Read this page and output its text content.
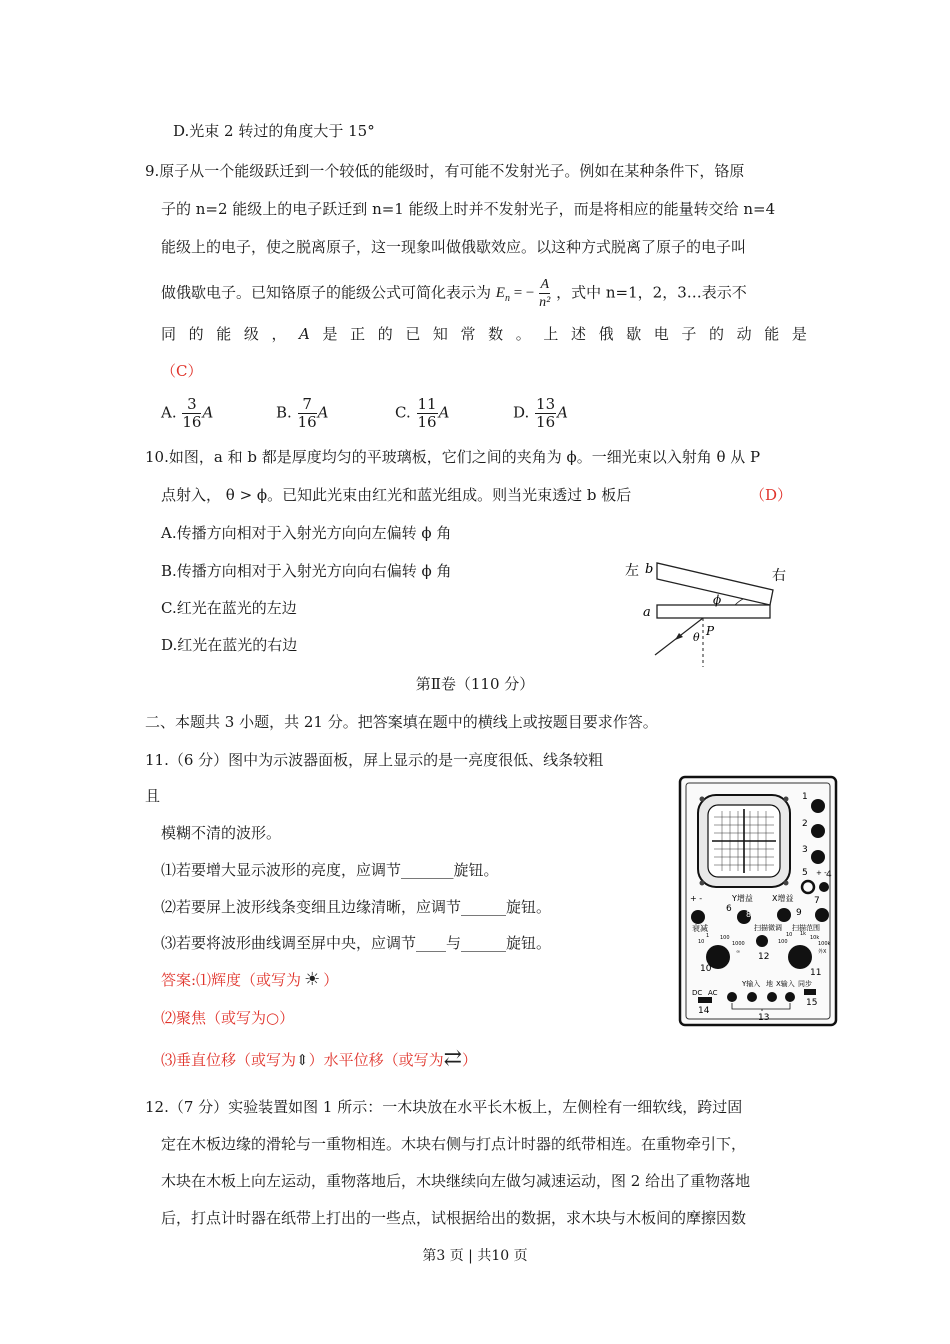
D.光束 2 转过的角度大于 15°
9.原子从一个能级跃迁到一个较低的能级时，有可能不发射光子。例如在某种条件下，铬原
子的 n=2 能级上的电子跃迁到 n=1 能级上时并不发射光子，而是将相应的能量转交给 n=4
能级上的电子，使之脱离原子，这一现象叫做俄歇效应。以这种方式脱离了原子的电子叫
做俄歇电子。已知铬原子的能级公式可简化表示为 $E_n$ = − $\frac{A}{\text{n²}}$ ，式中 n=1，2，3…表示不
同 的 能 级 ， A 是 正 的 已 知 常 数 。 上 述 俄 歇 电 子 的 动 能 是
（C）
A. $\frac{3}{16}$ A	B. $\frac{7}{16}$ A	C. $\frac{11}{16}$ A	D. $\frac{13}{16}$ A
10.如图，a 和 b 都是厚度均匀的平玻璃板，它们之间的夹角为 ϕ。一细光束以入射角 θ 从 P
点射入， θ > ϕ。已知此光束由红光和蓝光组成。则当光束透过 b 板后	（D）
A.传播方向相对于入射光方向向左偏转 ϕ 角
B.传播方向相对于入射光方向向右偏转 ϕ 角
C.红光在蓝光的左边
D.红光在蓝光的右边
左 b	右
a
ϕ
θ P
第Ⅱ卷（110 分）
二、本题共 3 小题，共 21 分。把答案填在题中的横线上或按题目要求作答。
11.（6 分）图中为示波器面板，屏上显示的是一亮度很低、线条较粗
且
模糊不清的波形。
⑴若要增大显示波形的亮度，应调节_______旋钮。
⑵若要屏上波形线条变细且边缘清晰，应调节______旋钮。
⑶若要将波形曲线调至屏中央，应调节____与______旋钮。
答案:⑴辉度（或写为 ☀ ）
⑵聚焦（或写为○）
⑶垂直位移（或写为⇕）水平位移（或写为⇄）
1
2
3
5 + - 4
+ -
6
Y增益
8
X增益
9
7
衰减	扫描微调 扫描范围
1
10
100
1000
∞
10
12
10
100
1k
10k
100k
外X
11
Y输入 地 X输入 同步
DC AC
14
15
13
12.（7 分）实验装置如图 1 所示：一木块放在水平长木板上，左侧栓有一细软线，跨过固
定在木板边缘的滑轮与一重物相连。木块右侧与打点计时器的纸带相连。在重物牵引下，
木块在木板上向左运动，重物落地后，木块继续向左做匀减速运动，图 2 给出了重物落地
后，打点计时器在纸带上打出的一些点，试根据给出的数据，求木块与木板间的摩擦因数
第3 页 | 共10 页
